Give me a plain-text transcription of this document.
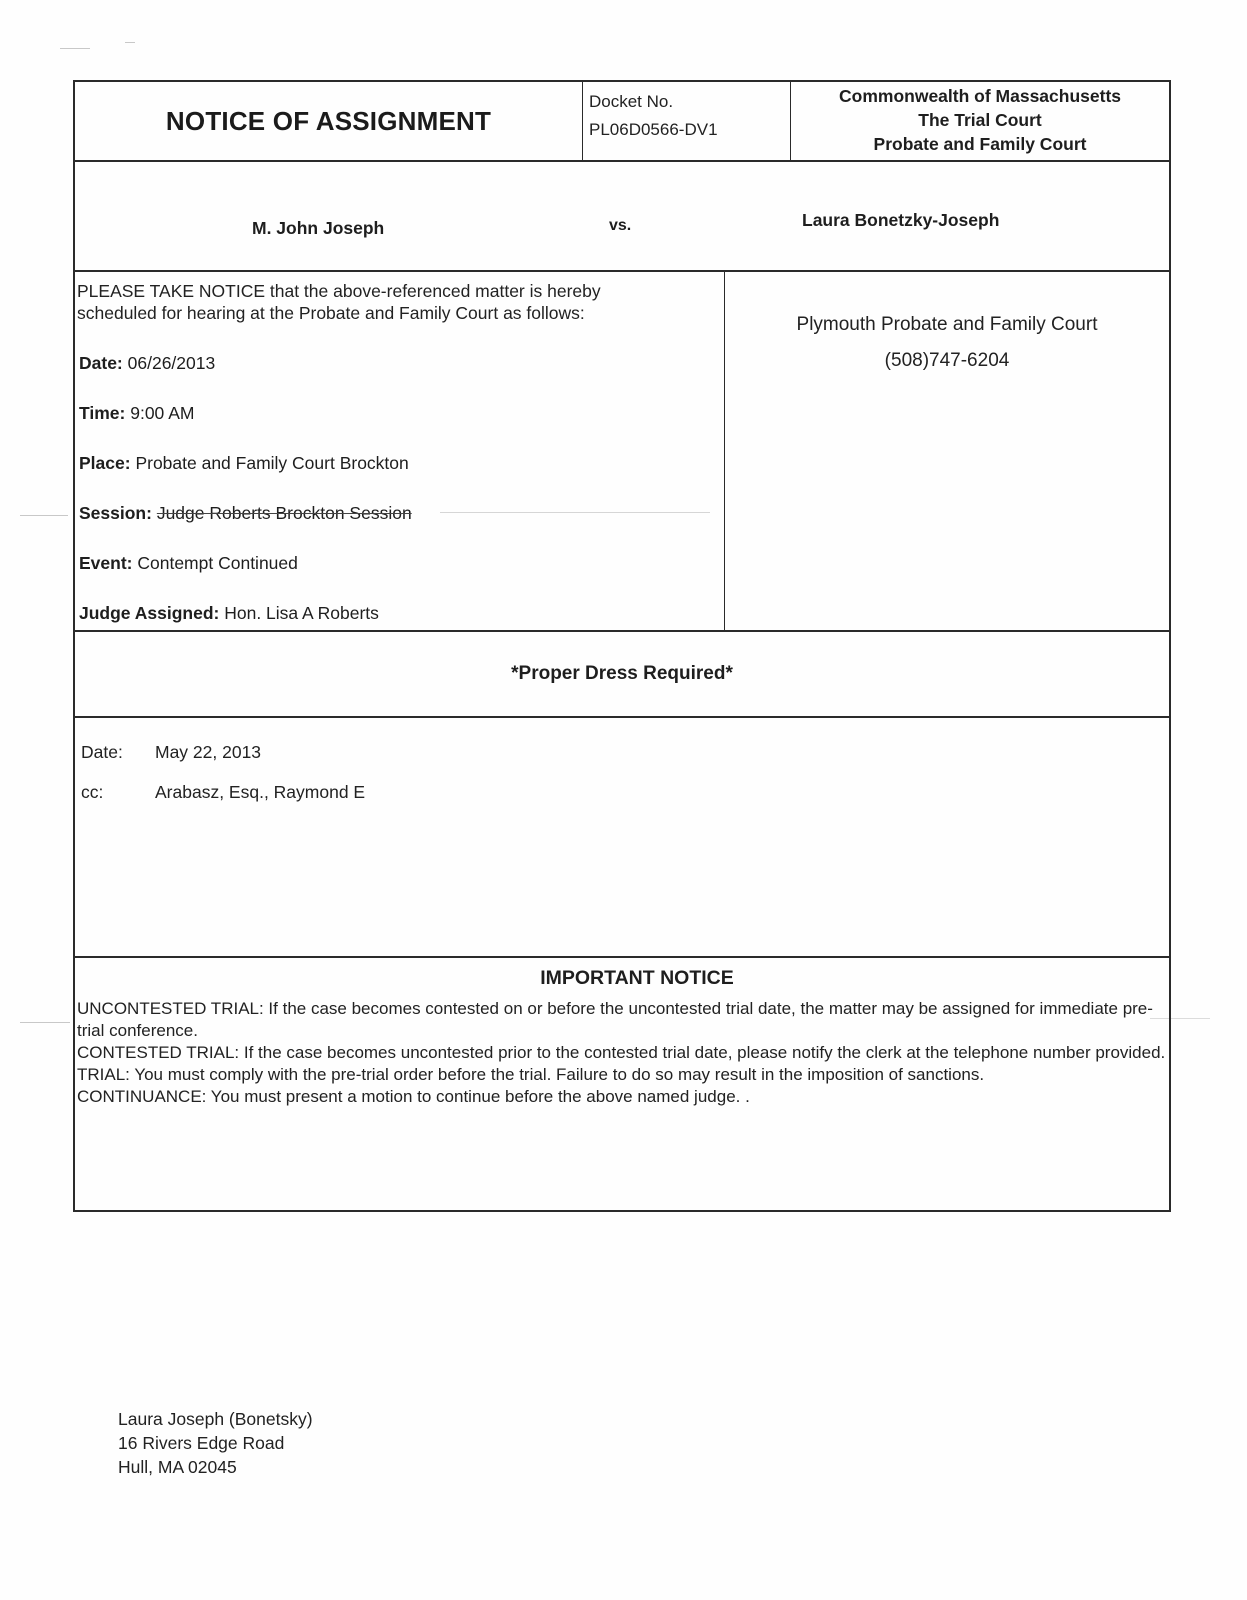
NOTICE OF ASSIGNMENT
Docket No.
PL06D0566-DV1
Commonwealth of Massachusetts
The Trial Court
Probate and Family Court
M. John Joseph	vs.	Laura Bonetzky-Joseph
PLEASE TAKE NOTICE that the above-referenced matter is hereby scheduled for hearing at the Probate and Family Court as follows:
Date: 06/26/2013
Time: 9:00 AM
Place: Probate and Family Court Brockton
Session: Judge Roberts Brockton Session
Event: Contempt Continued
Judge Assigned: Hon. Lisa A Roberts
Plymouth Probate and Family Court
(508)747-6204
*Proper Dress Required*
Date:	May 22, 2013
cc:	Arabasz, Esq., Raymond E
IMPORTANT NOTICE

UNCONTESTED TRIAL: If the case becomes contested on or before the uncontested trial date, the matter may be assigned for immediate pre-trial conference.

CONTESTED TRIAL: If the case becomes uncontested prior to the contested trial date, please notify the clerk at the telephone number provided.

TRIAL: You must comply with the pre-trial order before the trial. Failure to do so may result in the imposition of sanctions.

CONTINUANCE: You must present a motion to continue before the above named judge. .

Laura Joseph (Bonetsky)
16 Rivers Edge Road
Hull, MA 02045
